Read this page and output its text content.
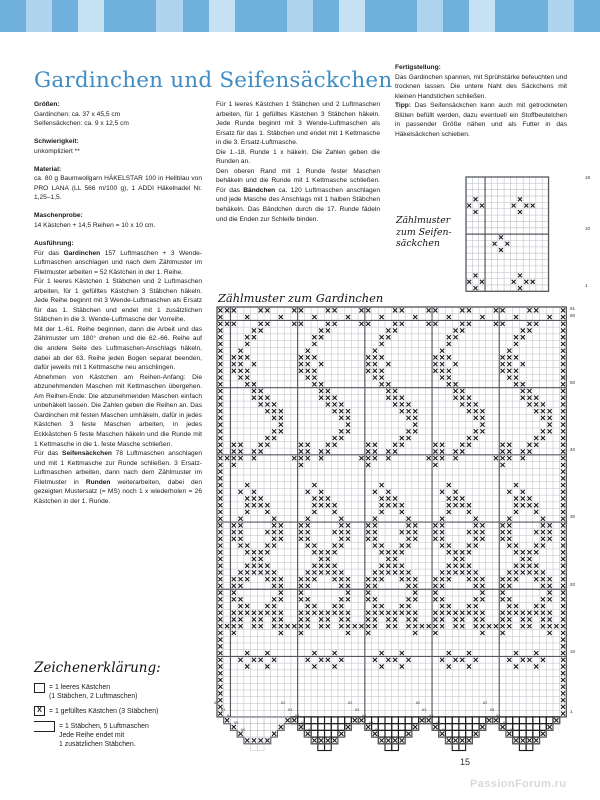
Gardinchen und Seifensäckchen

Größen:

Gardinchen: ca. 37 x 45,5 cm

Seifensäckchen: ca. 9 x 12,5 cm

Schwierigkeit:

unkompliziert **

Material:

ca. 80 g Baumwollgarn HÄKELSTAR 100 in Hellblau von PRO LANA (LL 566 m/100 g), 1 ADDI Häkelnadel Nr. 1,25–1,5.

Maschenprobe:

14 Kästchen + 14,5 Reihen = 10 x 10 cm.

Ausführung:

Für das Gardinchen 157 Luftmaschen + 3 Wende-Luftmaschen anschlagen und nach dem Zählmuster im Filetmuster arbeiten = 52 Kästchen in der 1. Reihe.

Für 1 leeres Kästchen 1 Stäbchen und 2 Luftmaschen arbeiten, für 1 gefülltes Kästchen 3 Stäbchen häkeln. Jede Reihe beginnt mit 3 Wende-Luftmaschen als Ersatz für das 1. Stäbchen und endet mit 1 zusätzlichen Stäbchen in die 3. Wende-Luftmasche der Vorreihe.

Mit der 1.-61. Reihe beginnen, dann die Arbeit und das Zählmuster um 180° drehen und die 62.-66. Reihe auf die andere Seite des Luftmaschen-Anschlags häkeln, dabei ab der 63. Reihe jeden Bogen separat beenden, dafür jeweils mit 1 Kettmasche neu anschlingen.

Abnehmen von Kästchen am Reihen-Anfang: Die abzunehmenden Maschen mit Kettmaschen übergehen. Am Reihen-Ende: Die abzunehmenden Maschen einfach unbehäkelt lassen. Die Zahlen geben die Reihen an. Das Gardinchen mit festen Maschen umhäkeln, dafür in jedes Kästchen 3 feste Maschen arbeiten, in jedes Eckkästchen 5 feste Maschen häkeln und die Runde mit 1 Kettmasche in die 1. feste Masche schließen.

Für das Seifensäckchen 78 Luftmaschen anschlagen und mit 1 Kettmasche zur Runde schließen. 3 Ersatz-Luftmaschen arbeiten, dann nach dem Zählmuster im Filetmuster in Runden weiterarbeiten, dabei den gezeigten Mustersatz (= MS) noch 1 x wiederholen = 26 Kästchen in der 1. Runde.

Für 1 leeres Kästchen 1 Stäbchen und 2 Luftmaschen arbeiten, für 1 gefülltes Kästchen 3 Stäbchen häkeln. Jede Runde beginnt mit 3 Wende-Luftmaschen als Ersatz für das 1. Stäbchen und endet mit 1 Kettmasche in die 3. Ersatz-Luftmasche.

Die 1.-18. Runde 1 x häkeln. Die Zahlen geben die Runden an.

Den oberen Rand mit 1 Runde fester Maschen behäkeln und die Runde mit 1 Kettmasche schließen. Für das Bändchen ca. 120 Luftmaschen anschlagen und jede Masche des Anschlags mit 1 halben Stäbchen behäkeln. Das Bändchen durch die 17. Runde fädeln und die Enden zur Schleife binden.

Fertigstellung:

Das Gardinchen spannen, mit Sprühstärke befeuchten und trocknen lassen. Die untere Naht des Säckchens mit kleinen Handstichen schließen.

Tipp: Das Seifensäckchen kann auch mit getrockneten Blüten befüllt werden, dazu eventuell ein Stoffbeutelchen in passender Größe nähen und als Futter in das Häkelsäckchen schieben.

Zeichenerklärung:
= 1 leeres Kästchen
(1 Stäbchen, 2 Luftmaschen)
X	= 1 gefülltes Kästchen (3 Stäbchen)
= 1 Stäbchen, 5 Luftmaschen
Jede Reihe endet mit
1 zusätzlichen Stäbchen.
Zählmuster
zum Seifen-
säckchen
1
10
18
Zählmuster zum Gardinchen
1
10
20
30
40
50
60
61
62
63
64
65
66
62
63
64
65
66
62
63
64
65
66
62
63
64
65
66
62
63
64
65
66
15
PassionForum.ru
